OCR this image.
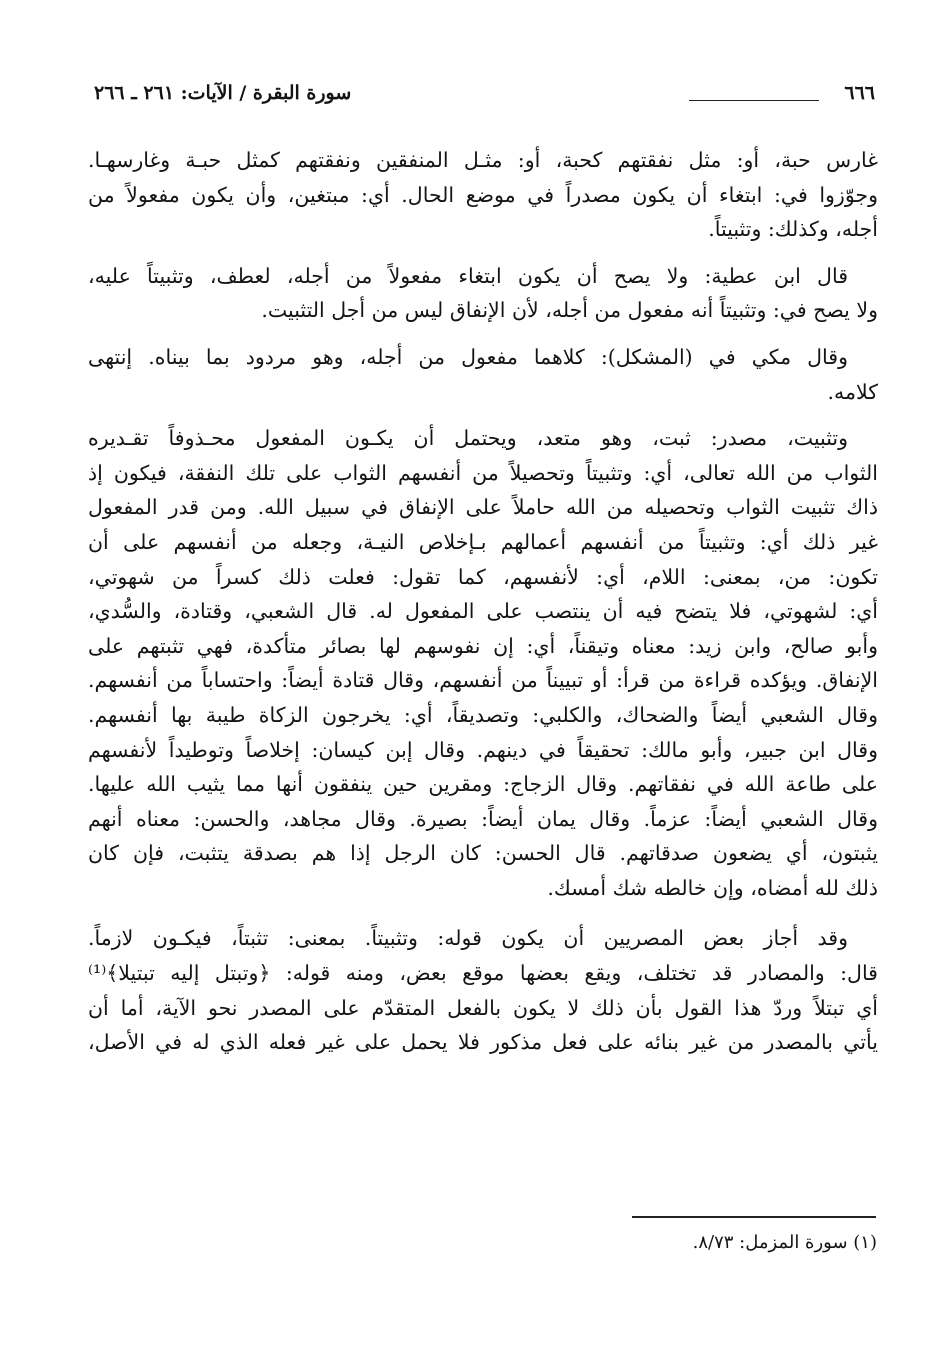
٦٦٦
سورة البقرة / الآيات: ٢٦١ ـ ٢٦٦
غارس حبة، أو: مثل نفقتهم كحبة، أو: مثـل المنفقين ونفقتهم كمثل حبـة وغارسهـا.
وجوّزوا في: ابتغاء أن يكون مصدراً في موضع الحال. أي: مبتغين، وأن يكون مفعولاً من
أجله، وكذلك: وتثبيتاً.
قال ابن عطية: ولا يصح أن يكون ابتغاء مفعولاً من أجله، لعطف، وتثبيتاً عليه،
ولا يصح في: وتثبيتاً أنه مفعول من أجله، لأن الإنفاق ليس من أجل التثبيت.
وقال مكي في (المشكل): كلاهما مفعول من أجله، وهو مردود بما بيناه. إنتهى
كلامه.
وتثبيت، مصدر: ثبت، وهو متعد، ويحتمل أن يكـون المفعول محـذوفاً تقـديره
الثواب من الله تعالى، أي: وتثبيتاً وتحصيلاً من أنفسهم الثواب على تلك النفقة، فيكون إذ
ذاك تثبيت الثواب وتحصيله من الله حاملاً على الإنفاق في سبيل الله. ومن قدر المفعول
غير ذلك أي: وتثبيتاً من أنفسهم أعمالهم بـإخلاص النيـة، وجعله من أنفسهم على أن
تكون: من، بمعنى: اللام، أي: لأنفسهم، كما تقول: فعلت ذلك كسراً من شهوتي،
أي: لشهوتي، فلا يتضح فيه أن ينتصب على المفعول له. قال الشعبي، وقتادة، والسُّدي،
وأبو صالح، وابن زيد: معناه وتيقناً، أي: إن نفوسهم لها بصائر متأكدة، فهي تثبتهم على
الإنفاق. ويؤكده قراءة من قرأ: أو تبييناً من أنفسهم، وقال قتادة أيضاً: واحتساباً من أنفسهم.
وقال الشعبي أيضاً والضحاك، والكلبي: وتصديقاً، أي: يخرجون الزكاة طيبة بها أنفسهم.
وقال ابن جبير، وأبو مالك: تحقيقاً في دينهم. وقال إبن كيسان: إخلاصاً وتوطيداً لأنفسهم
على طاعة الله في نفقاتهم. وقال الزجاج: ومقرين حين ينفقون أنها مما يثيب الله عليها.
وقال الشعبي أيضاً: عزماً. وقال يمان أيضاً: بصيرة. وقال مجاهد، والحسن: معناه أنهم
يثبتون، أي يضعون صدقاتهم. قال الحسن: كان الرجل إذا هم بصدقة يتثبت، فإن كان
ذلك لله أمضاه، وإن خالطه شك أمسك.
وقد أجاز بعض المصريين أن يكون قوله: وتثبيتاً. بمعنى: تثبتاً، فيكـون لازماً.
قال: والمصادر قد تختلف، ويقع بعضها موقع بعض، ومنه قوله: ﴿وتبتل إليه تبتيلا﴾⁽¹⁾
أي تبتلاً وردّ هذا القول بأن ذلك لا يكون بالفعل المتقدّم على المصدر نحو الآية، أما أن
يأتي بالمصدر من غير بنائه على فعل مذكور فلا يحمل على غير فعله الذي له في الأصل،
(١) سورة المزمل: ٨/٧٣.
